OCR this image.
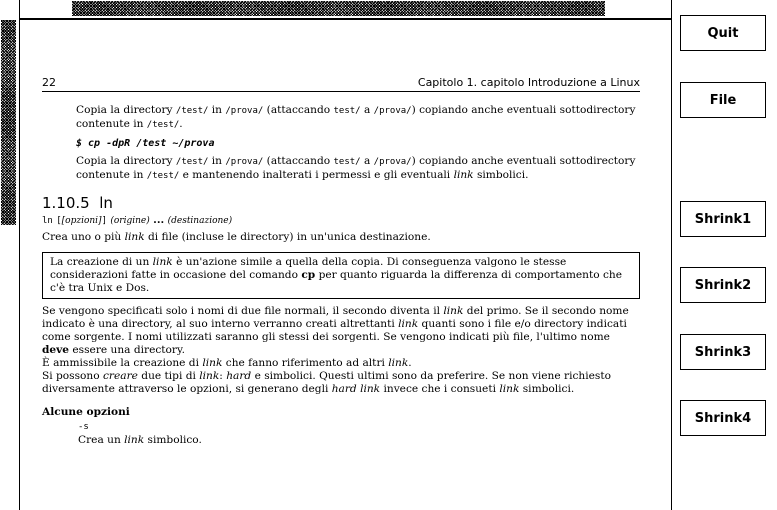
22	Capitolo 1. capitolo Introduzione a Linux

Copia la directory /test/ in /prova/ (attaccando test/ a /prova/) copiando anche eventuali sottodirectory contenute in /test/.

$ cp -dpR /test ~/prova

Copia la directory /test/ in /prova/ (attaccando test/ a /prova/) copiando anche eventuali sottodirectory contenute in /test/ e mantenendo inalterati i permessi e gli eventuali link simbolici.

1.10.5 ln

ln [[opzioni]] (origine) ... (destinazione)

Crea uno o più link di file (incluse le directory) in un'unica destinazione.

La creazione di un link è un'azione simile a quella della copia. Di conseguenza valgono le stesse considerazioni fatte in occasione del comando cp per quanto riguarda la differenza di comportamento che c'è tra Unix e Dos.

Se vengono specificati solo i nomi di due file normali, il secondo diventa il link del primo. Se il secondo nome indicato è una directory, al suo interno verranno creati altrettanti link quanti sono i file e/o directory indicati come sorgente. I nomi utilizzati saranno gli stessi dei sorgenti. Se vengono indicati più file, l'ultimo nome deve essere una directory.

È ammissibile la creazione di link che fanno riferimento ad altri link.

Si possono creare due tipi di link: hard e simbolici. Questi ultimi sono da preferire. Se non viene richiesto diversamente attraverso le opzioni, si generano degli hard link invece che i consueti link simbolici.

Alcune opzioni

-s
Crea un link simbolico.
Quit
File
Shrink1
Shrink2
Shrink3
Shrink4
